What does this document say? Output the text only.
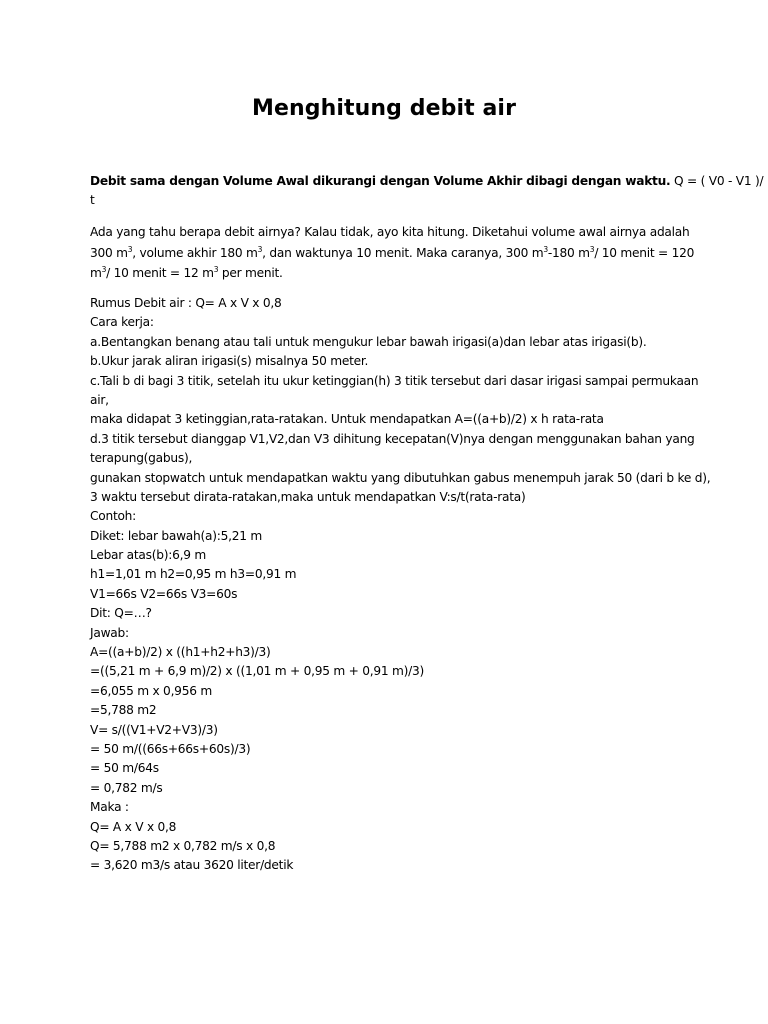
Menghitung debit air
Debit sama dengan Volume Awal dikurangi dengan Volume Akhir dibagi dengan waktu. Q = ( V0 - V1 )/
t
Ada yang tahu berapa debit airnya? Kalau tidak, ayo kita hitung. Diketahui volume awal airnya adalah
300 $m^3$, volume akhir 180 $m^3$, dan waktunya 10 menit. Maka caranya, 300 $m^3-180$ $m^3/$ 10 menit = 120
$m^3/$ 10 menit = 12 $m^3$ per menit.
Rumus Debit air : Q= A x V x 0,8
Cara kerja:
a.Bentangkan benang atau tali untuk mengukur lebar bawah irigasi(a)dan lebar atas irigasi(b).
b.Ukur jarak aliran irigasi(s) misalnya 50 meter.
c.Tali b di bagi 3 titik, setelah itu ukur ketinggian(h) 3 titik tersebut dari dasar irigasi sampai permukaan
air,
maka didapat 3 ketinggian,rata-ratakan. Untuk mendapatkan A=((a+b)/2) x h rata-rata
d.3 titik tersebut dianggap V1,V2,dan V3 dihitung kecepatan(V)nya dengan menggunakan bahan yang
terapung(gabus),
gunakan stopwatch untuk mendapatkan waktu yang dibutuhkan gabus menempuh jarak 50 (dari b ke d),
3 waktu tersebut dirata-ratakan,maka untuk mendapatkan V:s/t(rata-rata)
Contoh:
Diket: lebar bawah(a):5,21 m
Lebar atas(b):6,9 m
h1=1,01 m h2=0,95 m h3=0,91 m
V1=66s V2=66s V3=60s
Dit: Q=…?
Jawab:
A=((a+b)/2) x ((h1+h2+h3)/3)
=((5,21 m + 6,9 m)/2) x ((1,01 m + 0,95 m + 0,91 m)/3)
=6,055 m x 0,956 m
=5,788 m2
V= s/((V1+V2+V3)/3)
= 50 m/((66s+66s+60s)/3)
= 50 m/64s
= 0,782 m/s
Maka :
Q= A x V x 0,8
Q= 5,788 m2 x 0,782 m/s x 0,8
= 3,620 m3/s atau 3620 liter/detik
